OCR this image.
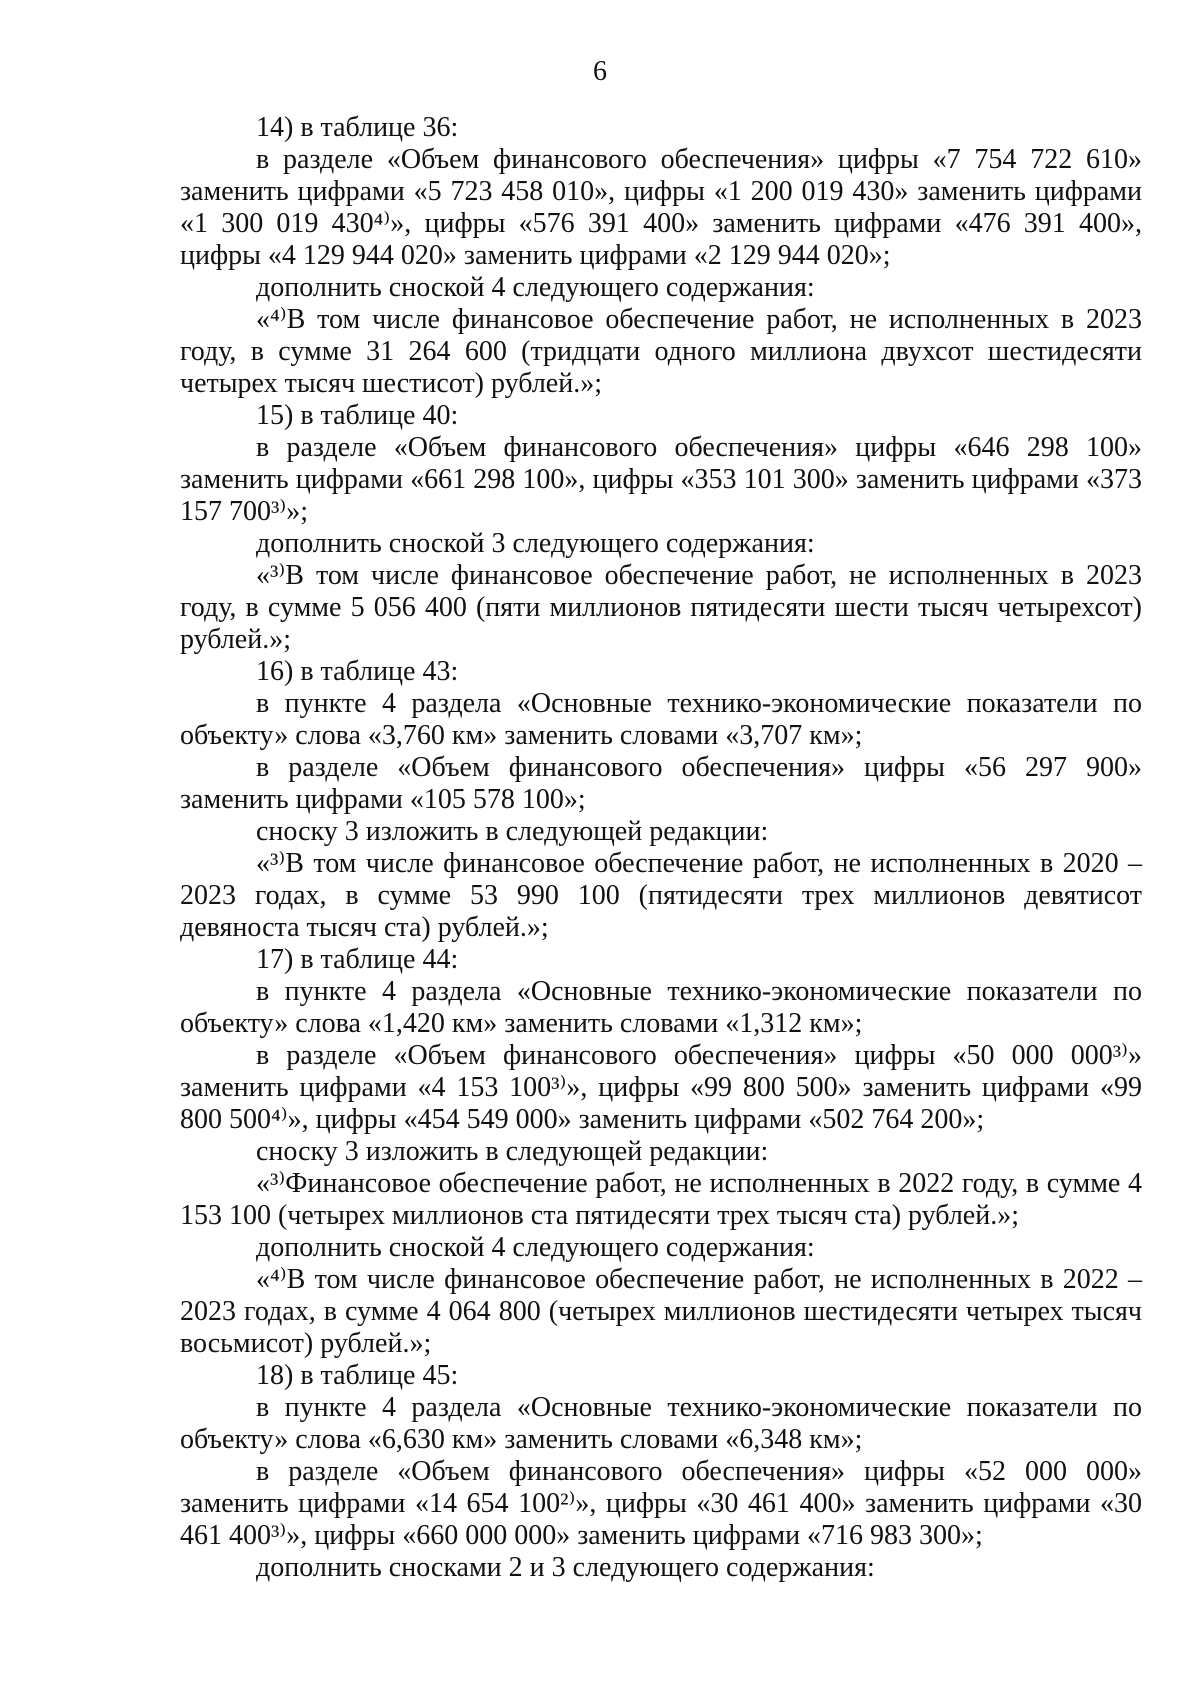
6

14) в таблице 36:

в разделе «Объем финансового обеспечения» цифры «7 754 722 610» заменить цифрами «5 723 458 010», цифры «1 200 019 430» заменить цифрами «1 300 019 430⁴⁾», цифры «576 391 400» заменить цифрами «476 391 400», цифры «4 129 944 020» заменить цифрами «2 129 944 020»;

дополнить сноской 4 следующего содержания:

«⁴⁾В том числе финансовое обеспечение работ, не исполненных в 2023 году, в сумме 31 264 600 (тридцати одного миллиона двухсот шестидесяти четырех тысяч шестисот) рублей.»;

15) в таблице 40:

в разделе «Объем финансового обеспечения» цифры «646 298 100» заменить цифрами «661 298 100», цифры «353 101 300» заменить цифрами «373 157 700³⁾»;

дополнить сноской 3 следующего содержания:

«³⁾В том числе финансовое обеспечение работ, не исполненных в 2023 году, в сумме 5 056 400 (пяти миллионов пятидесяти шести тысяч четырехсот) рублей.»;

16) в таблице 43:

в пункте 4 раздела «Основные технико-экономические показатели по объекту» слова «3,760 км» заменить словами «3,707 км»;

в разделе «Объем финансового обеспечения» цифры «56 297 900» заменить цифрами «105 578 100»;

сноску 3 изложить в следующей редакции:

«³⁾В том числе финансовое обеспечение работ, не исполненных в 2020 – 2023 годах, в сумме 53 990 100 (пятидесяти трех миллионов девятисот девяноста тысяч ста) рублей.»;

17) в таблице 44:

в пункте 4 раздела «Основные технико-экономические показатели по объекту» слова «1,420 км» заменить словами «1,312 км»;

в разделе «Объем финансового обеспечения» цифры «50 000 000³⁾» заменить цифрами «4 153 100³⁾», цифры «99 800 500» заменить цифрами «99 800 500⁴⁾», цифры «454 549 000» заменить цифрами «502 764 200»;

сноску 3 изложить в следующей редакции:

«³⁾Финансовое обеспечение работ, не исполненных в 2022 году, в сумме 4 153 100 (четырех миллионов ста пятидесяти трех тысяч ста) рублей.»;

дополнить сноской 4 следующего содержания:

«⁴⁾В том числе финансовое обеспечение работ, не исполненных в 2022 – 2023 годах, в сумме 4 064 800 (четырех миллионов шестидесяти четырех тысяч восьмисот) рублей.»;

18) в таблице 45:

в пункте 4 раздела «Основные технико-экономические показатели по объекту» слова «6,630 км» заменить словами «6,348 км»;

в разделе «Объем финансового обеспечения» цифры «52 000 000» заменить цифрами «14 654 100²⁾», цифры «30 461 400» заменить цифрами «30 461 400³⁾», цифры «660 000 000» заменить цифрами «716 983 300»;

дополнить сносками 2 и 3 следующего содержания:
